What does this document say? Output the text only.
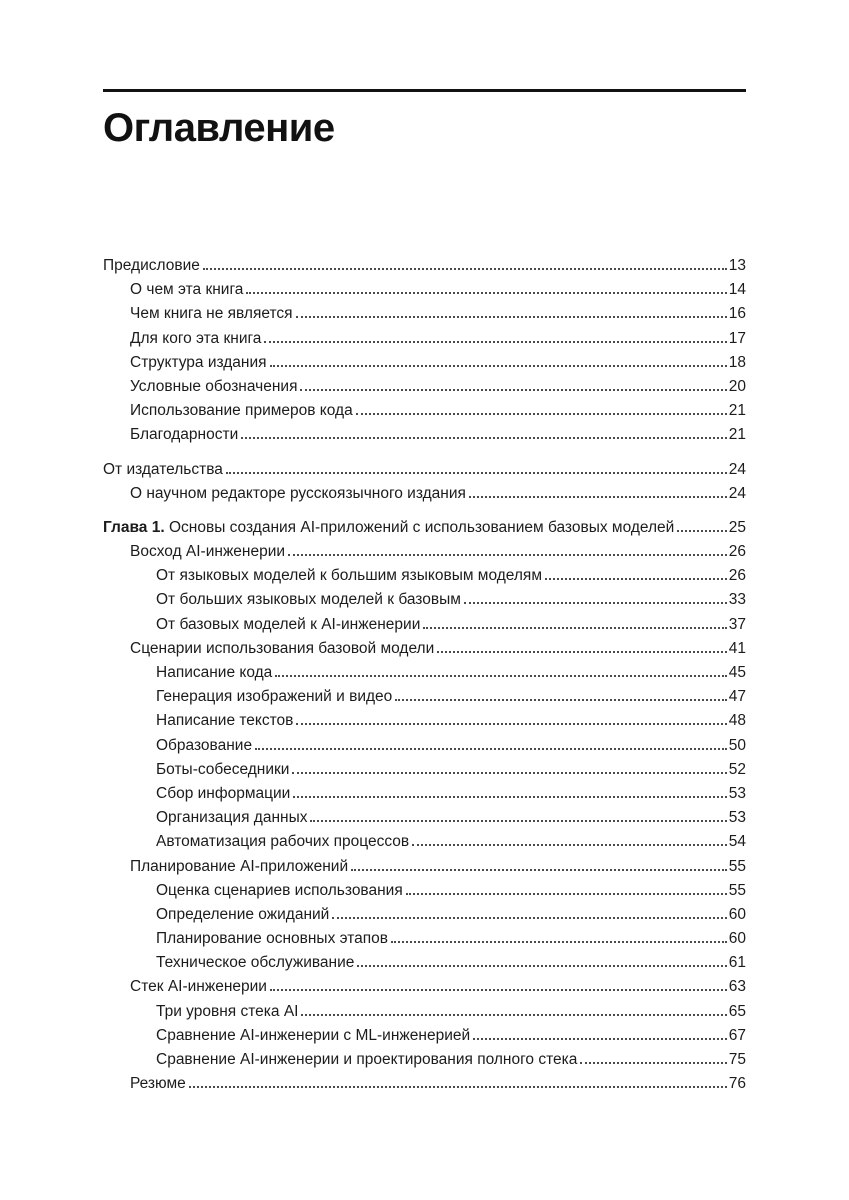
Оглавление
Предисловие	13
О чем эта книга	14
Чем книга не является	16
Для кого эта книга	17
Структура издания	18
Условные обозначения	20
Использование примеров кода	21
Благодарности	21
От издательства	24
О научном редакторе русскоязычного издания	24
Глава 1. Основы создания AI-приложений с использованием базовых моделей	25
Восход AI-инженерии	26
От языковых моделей к большим языковым моделям	26
От больших языковых моделей к базовым	33
От базовых моделей к AI-инженерии	37
Сценарии использования базовой модели	41
Написание кода	45
Генерация изображений и видео	47
Написание текстов	48
Образование	50
Боты-собеседники	52
Сбор информации	53
Организация данных	53
Автоматизация рабочих процессов	54
Планирование AI-приложений	55
Оценка сценариев использования	55
Определение ожиданий	60
Планирование основных этапов	60
Техническое обслуживание	61
Стек AI-инженерии	63
Три уровня стека AI	65
Сравнение AI-инженерии с ML-инженерией	67
Сравнение AI-инженерии и проектирования полного стека	75
Резюме	76
